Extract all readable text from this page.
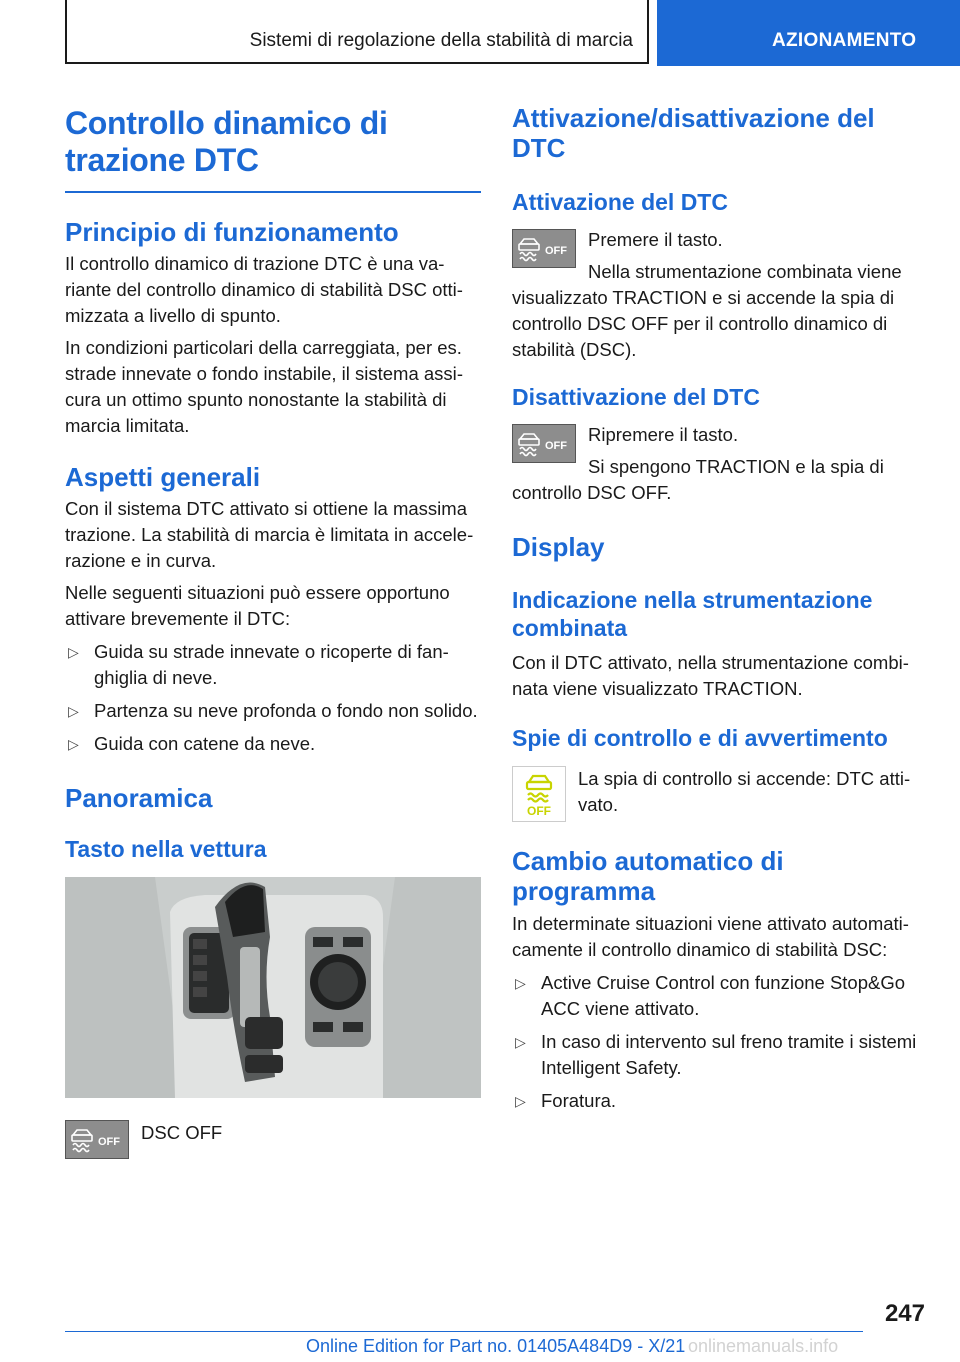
Sistemi di regolazione della stabilità di marcia	AZIONAMENTO
Controllo dinamico di trazione DTC
Principio di funzionamento

Il controllo dinamico di trazione DTC è una variante del controllo dinamico di stabilità DSC ottimizzata a livello di spunto.

In condizioni particolari della carreggiata, per es. strade innevate o fondo instabile, il sistema assicura un ottimo spunto nonostante la stabilità di marcia limitata.

Aspetti generali

Con il sistema DTC attivato si ottiene la massima trazione. La stabilità di marcia è limitata in accelerazione e in curva.

Nelle seguenti situazioni può essere opportuno attivare brevemente il DTC:

▷ Guida su strade innevate o ricoperte di fanghiglia di neve.
▷ Partenza su neve profonda o fondo non solido.
▷ Guida con catene da neve.
Panoramica
Tasto nella vettura
OFF	DSC OFF

Attivazione/disattivazione del DTC
Attivazione del DTC
OFF

Premere il tasto.

Nella strumentazione combinata viene visualizzato TRACTION e si accende la spia di controllo DSC OFF per il controllo dinamico di stabilità (DSC).

Disattivazione del DTC
OFF

Ripremere il tasto.

Si spengono TRACTION e la spia di controllo DSC OFF.

Display
Indicazione nella strumentazione combinata

Con il DTC attivato, nella strumentazione combinata viene visualizzato TRACTION.

Spie di controllo e di avvertimento
OFF

La spia di controllo si accende: DTC attivato.

Cambio automatico di programma

In determinate situazioni viene attivato automaticamente il controllo dinamico di stabilità DSC:

▷ Active Cruise Control con funzione Stop&Go ACC viene attivato.
▷ In caso di intervento sul freno tramite i sistemi Intelligent Safety.
▷ Foratura.
247
Online Edition for Part no. 01405A484D9 - X/21 onlinemanuals.info
